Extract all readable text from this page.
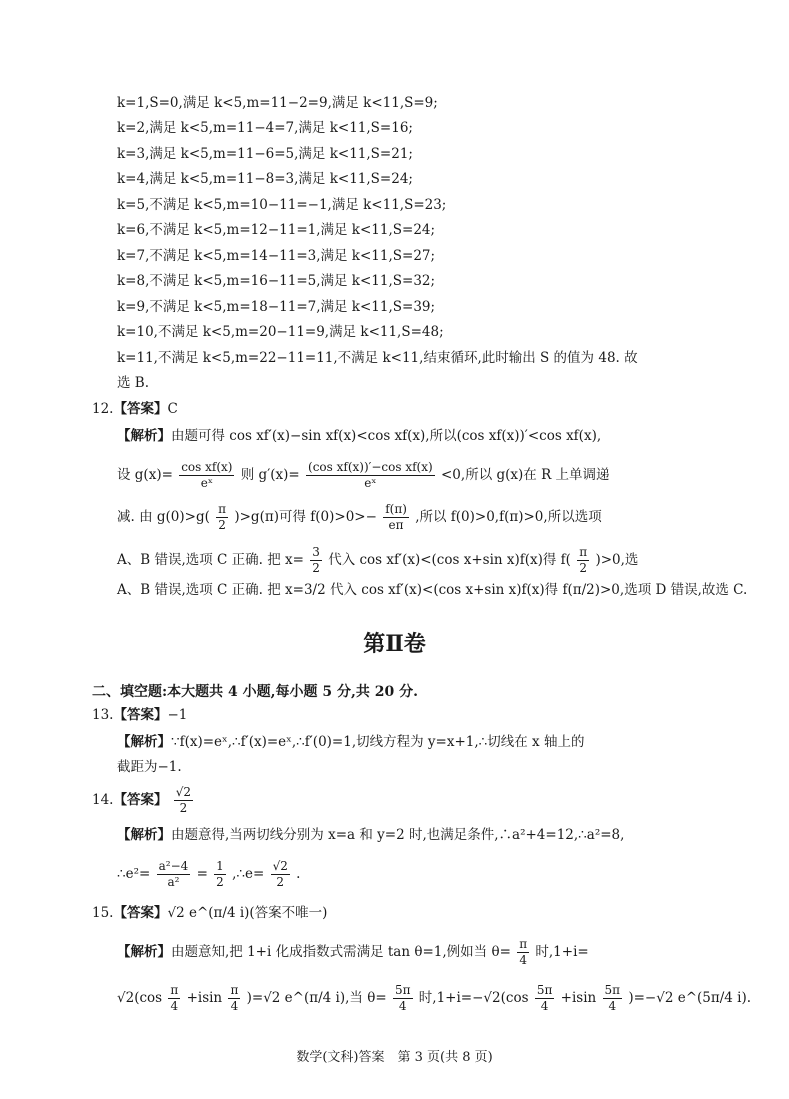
k=1,S=0,满足 k<5,m=11−2=9,满足 k<11,S=9;
k=2,满足 k<5,m=11−4=7,满足 k<11,S=16;
k=3,满足 k<5,m=11−6=5,满足 k<11,S=21;
k=4,满足 k<5,m=11−8=3,满足 k<11,S=24;
k=5,不满足 k<5,m=10−11=−1,满足 k<11,S=23;
k=6,不满足 k<5,m=12−11=1,满足 k<11,S=24;
k=7,不满足 k<5,m=14−11=3,满足 k<11,S=27;
k=8,不满足 k<5,m=16−11=5,满足 k<11,S=32;
k=9,不满足 k<5,m=18−11=7,满足 k<11,S=39;
k=10,不满足 k<5,m=20−11=9,满足 k<11,S=48;
k=11,不满足 k<5,m=22−11=11,不满足 k<11,结束循环,此时输出 S 的值为 48. 故
选 B.
12.【答案】C
【解析】由题可得 cos xf′(x)−sin xf(x)<cos xf(x),所以(cos xf(x))′<cos xf(x),
设 $g(x)= \frac{\text{cos xf(x)}}{\text{eˣ}}$ 则 $g'(x)= \frac{\text{(cos xf(x))′−cos xf(x)}}{\text{eˣ}} <0$,所以 g(x)在 R 上单调递
减. 由 $g(0)>g( \frac{\pi}{2} )>g(\pi)$可得 $f(0)>0>- \frac{f(\pi)}{e\pi}$ ,所以 f(0)>0,f(π)>0,所以选项
A、B 错误,选项 C 正确. 把 $x= \frac{3}{2}$ 代入 cos xf′(x)<(cos x+sin x)f(x)得 $f( \frac{\pi}{2} )>0$,选
A、B 错误,选项 C 正确. 把 x=3/2 代入 cos xf′(x)<(cos x+sin x)f(x)得 f(π/2)>0,选项 D 错误,故选 C.
第Ⅱ卷
二、填空题:本大题共 4 小题,每小题 5 分,共 20 分.
13.【答案】−1
【解析】∵f(x)=eˣ,∴f′(x)=eˣ,∴f′(0)=1,切线方程为 y=x+1,∴切线在 x 轴上的
截距为−1.
14.【答案】 $\frac{√2}{2}$
【解析】由题意得,当两切线分别为 x=a 和 y=2 时,也满足条件,∴a²+4=12,∴a²=8,
∴e²= $\frac{\text{a²−4}}{\text{a²}} = \frac{1}{2}$ ,∴e= $\frac{√2}{2}$ .
15.【答案】√2 e^(π/4 i)(答案不唯一)
【解析】由题意知,把 1+i 化成指数式需满足 tan θ=1,例如当 $\theta= \frac{\pi}{4}$ 时,1+i=
$√2(\cos \frac{\pi}{4} +isin \frac{\pi}{4} )=√2$ e^(π/4 i),当 $\theta= \frac{5\pi}{4}$ 时$,1+i=-√2(\cos \frac{5\pi}{4} +isin \frac{5\pi}{4} )=-√2$ e^(5π/4 i).
数学(文科)答案　第 3 页(共 8 页)
